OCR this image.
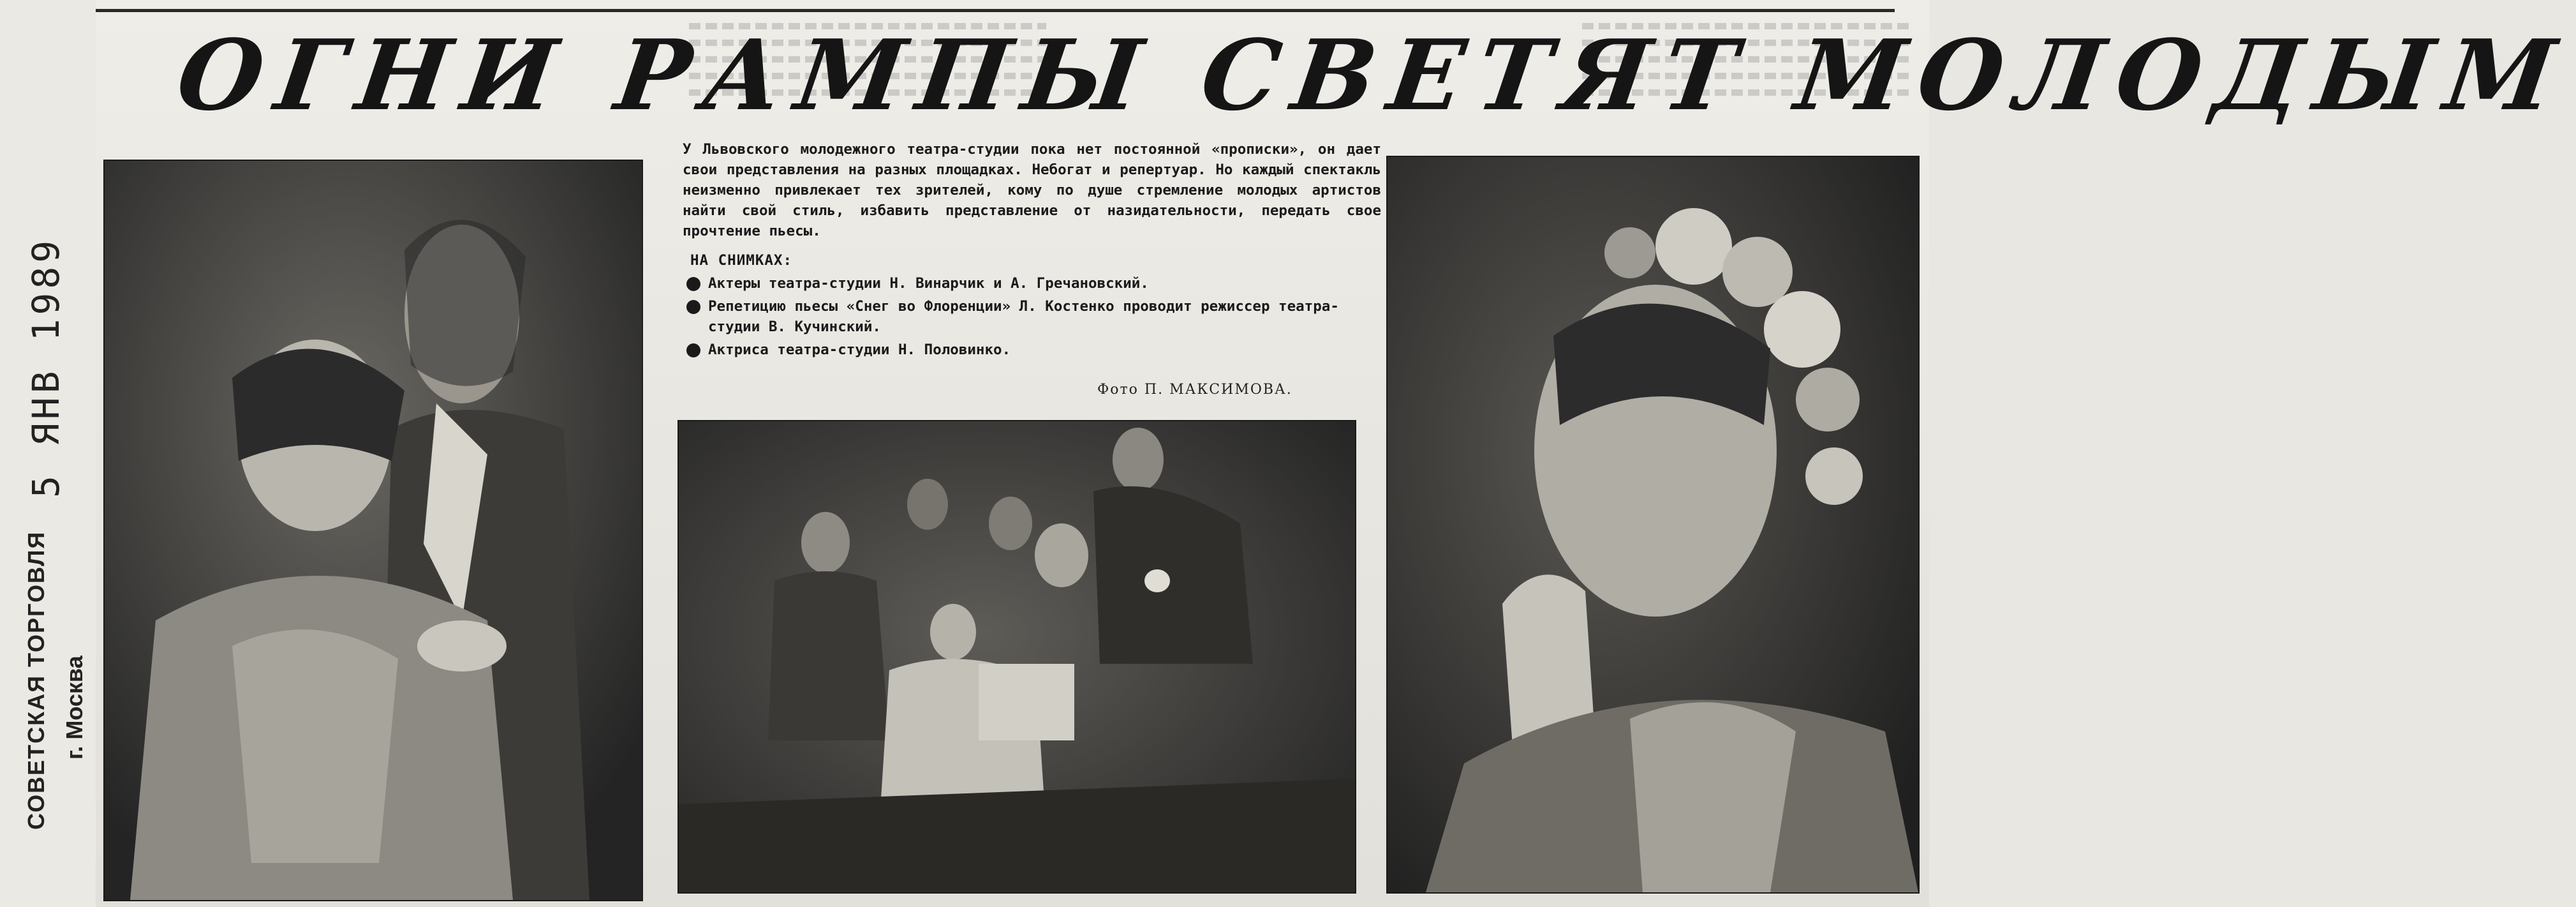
5 ЯНВ 1989
СОВЕТСКАЯ ТОРГОВЛЯ г. Москва
ОГНИ РАМПЫ СВЕТЯТ МОЛОДЫМ

У Львовского молодежного театра-студии пока нет постоянной «прописки», он дает свои представления на разных площадках. Небогат и репертуар. Но каждый спектакль неизменно привлекает тех зрителей, кому по душе стремление молодых артистов найти свой стиль, избавить представление от назидательности, передать свое прочтение пьесы.

НА СНИМКАХ:
Актеры театра-студии Н. Винарчик и А. Гречановский.
Репетицию пьесы «Снег во Флоренции» Л. Костенко проводит режиссер театра-студии В. Кучинский.
Актриса театра-студии Н. Половинко.
Фото П. МАКСИМОВА.
